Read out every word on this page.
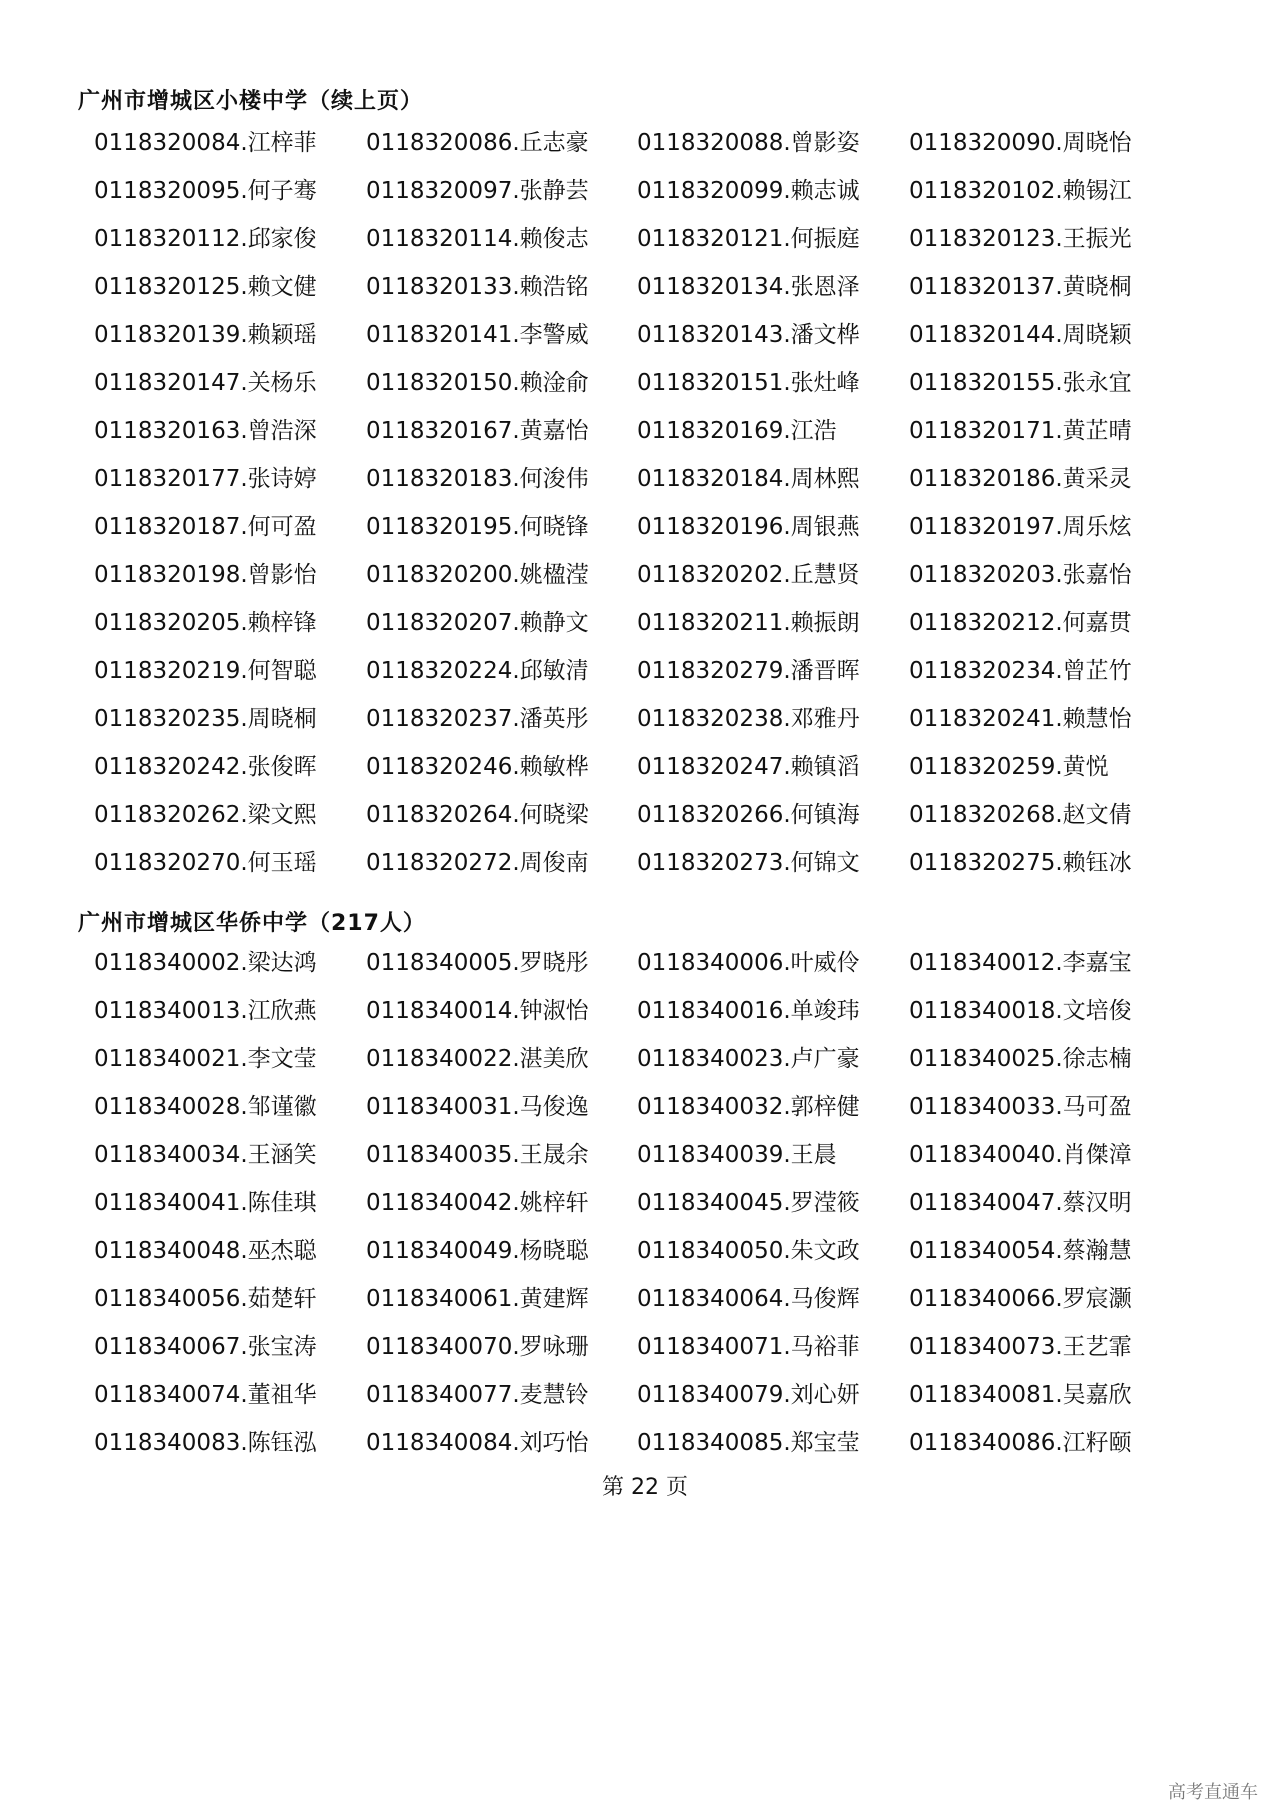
广州市增城区小楼中学（续上页）
0118320084.江梓菲 0118320086.丘志豪 0118320088.曾影姿 0118320090.周晓怡
0118320095.何子骞 0118320097.张静芸 0118320099.赖志诚 0118320102.赖锡江
0118320112.邱家俊 0118320114.赖俊志 0118320121.何振庭 0118320123.王振光
0118320125.赖文健 0118320133.赖浩铭 0118320134.张恩泽 0118320137.黄晓桐
0118320139.赖颖瑶 0118320141.李警威 0118320143.潘文桦 0118320144.周晓颖
0118320147.关杨乐 0118320150.赖淦俞 0118320151.张灶峰 0118320155.张永宜
0118320163.曾浩深 0118320167.黄嘉怡 0118320169.江浩	0118320171.黄芷晴
0118320177.张诗婷 0118320183.何浚伟 0118320184.周林熙 0118320186.黄采灵
0118320187.何可盈 0118320195.何晓锋 0118320196.周银燕 0118320197.周乐炫
0118320198.曾影怡 0118320200.姚楹滢 0118320202.丘慧贤 0118320203.张嘉怡
0118320205.赖梓锋 0118320207.赖静文 0118320211.赖振朗 0118320212.何嘉贯
0118320219.何智聪 0118320224.邱敏清 0118320279.潘晋晖 0118320234.曾芷竹
0118320235.周晓桐 0118320237.潘英彤 0118320238.邓雅丹 0118320241.赖慧怡
0118320242.张俊晖 0118320246.赖敏桦 0118320247.赖镇滔 0118320259.黄悦
0118320262.梁文熙 0118320264.何晓梁 0118320266.何镇海 0118320268.赵文倩
0118320270.何玉瑶 0118320272.周俊南 0118320273.何锦文 0118320275.赖钰冰
广州市增城区华侨中学（217人）
0118340002.梁达鸿 0118340005.罗晓彤 0118340006.叶威伶 0118340012.李嘉宝
0118340013.江欣燕 0118340014.钟淑怡 0118340016.单竣玮 0118340018.文培俊
0118340021.李文莹 0118340022.湛美欣 0118340023.卢广豪 0118340025.徐志楠
0118340028.邹谨徽 0118340031.马俊逸 0118340032.郭梓健 0118340033.马可盈
0118340034.王涵笑 0118340035.王晟余 0118340039.王晨	0118340040.肖傑漳
0118340041.陈佳琪 0118340042.姚梓轩 0118340045.罗滢筱 0118340047.蔡汉明
0118340048.巫杰聪 0118340049.杨晓聪 0118340050.朱文政 0118340054.蔡瀚慧
0118340056.茹楚轩 0118340061.黄建辉 0118340064.马俊辉 0118340066.罗宸灏
0118340067.张宝涛 0118340070.罗咏珊 0118340071.马裕菲 0118340073.王艺霏
0118340074.董祖华 0118340077.麦慧铃 0118340079.刘心妍 0118340081.吴嘉欣
0118340083.陈钰泓 0118340084.刘巧怡 0118340085.郑宝莹 0118340086.江籽颐
第 22 页
高考直通车
